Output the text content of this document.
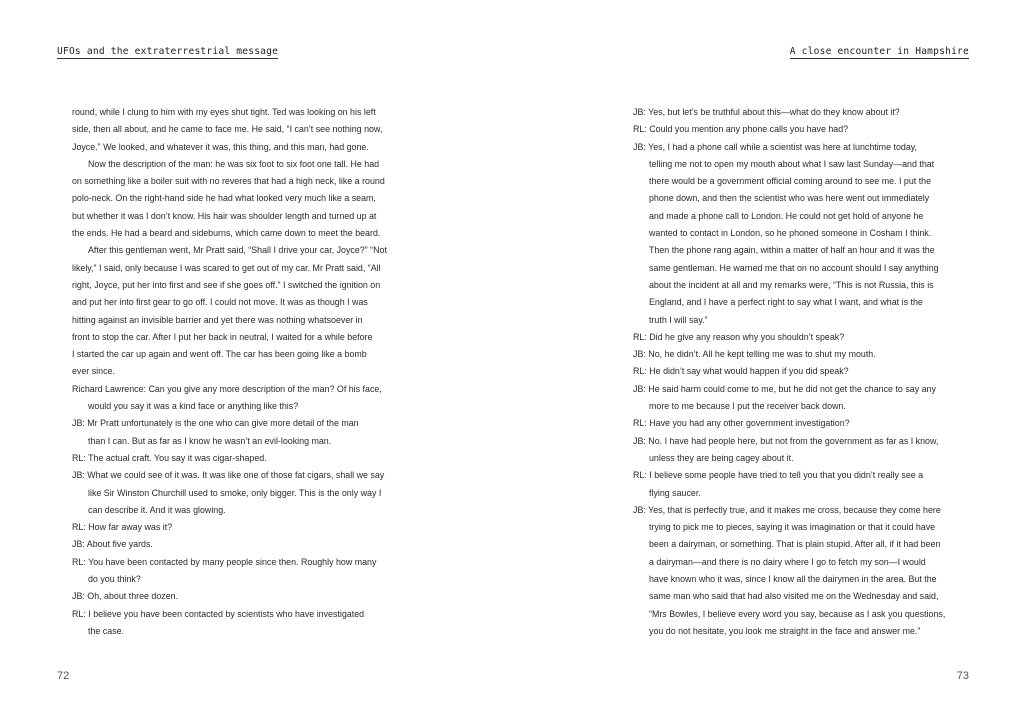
UFOs and the extraterrestrial message
round, while I clung to him with my eyes shut tight. Ted was looking on his left
side, then all about, and he came to face me. He said, “I can’t see nothing now,
Joyce.” We looked, and whatever it was, this thing, and this man, had gone.
Now the description of the man: he was six foot to six foot one tall. He had
on something like a boiler suit with no reveres that had a high neck, like a round
polo-neck. On the right-hand side he had what looked very much like a seam,
but whether it was I don’t know. His hair was shoulder length and turned up at
the ends. He had a beard and sideburns, which came down to meet the beard.
After this gentleman went, Mr Pratt said, “Shall I drive your car, Joyce?” “Not
likely,” I said, only because I was scared to get out of my car. Mr Pratt said, “All
right, Joyce, put her into first and see if she goes off.” I switched the ignition on
and put her into first gear to go off. I could not move. It was as though I was
hitting against an invisible barrier and yet there was nothing whatsoever in
front to stop the car. After I put her back in neutral, I waited for a while before
I started the car up again and went off. The car has been going like a bomb
ever since.
Richard Lawrence: Can you give any more description of the man? Of his face,
would you say it was a kind face or anything like this?
JB: Mr Pratt unfortunately is the one who can give more detail of the man
than I can. But as far as I know he wasn’t an evil-looking man.
RL: The actual craft. You say it was cigar-shaped.
JB: What we could see of it was. It was like one of those fat cigars, shall we say
like Sir Winston Churchill used to smoke, only bigger. This is the only way I
can describe it. And it was glowing.
RL: How far away was it?
JB: About five yards.
RL: You have been contacted by many people since then. Roughly how many
do you think?
JB: Oh, about three dozen.
RL: I believe you have been contacted by scientists who have investigated
the case.
72
A close encounter in Hampshire
JB: Yes, but let’s be truthful about this—what do they know about it?
RL: Could you mention any phone calls you have had?
JB: Yes, I had a phone call while a scientist was here at lunchtime today,
telling me not to open my mouth about what I saw last Sunday—and that
there would be a government official coming around to see me. I put the
phone down, and then the scientist who was here went out immediately
and made a phone call to London. He could not get hold of anyone he
wanted to contact in London, so he phoned someone in Cosham I think.
Then the phone rang again, within a matter of half an hour and it was the
same gentleman. He warned me that on no account should I say anything
about the incident at all and my remarks were, “This is not Russia, this is
England, and I have a perfect right to say what I want, and what is the
truth I will say.”
RL: Did he give any reason why you shouldn’t speak?
JB: No, he didn’t. All he kept telling me was to shut my mouth.
RL: He didn’t say what would happen if you did speak?
JB: He said harm could come to me, but he did not get the chance to say any
more to me because I put the receiver back down.
RL: Have you had any other government investigation?
JB: No. I have had people here, but not from the government as far as I know,
unless they are being cagey about it.
RL: I believe some people have tried to tell you that you didn’t really see a
flying saucer.
JB: Yes, that is perfectly true, and it makes me cross, because they come here
trying to pick me to pieces, saying it was imagination or that it could have
been a dairyman, or something. That is plain stupid. After all, if it had been
a dairyman—and there is no dairy where I go to fetch my son—I would
have known who it was, since I know all the dairymen in the area. But the
same man who said that had also visited me on the Wednesday and said,
“Mrs Bowles, I believe every word you say, because as I ask you questions,
you do not hesitate, you look me straight in the face and answer me.”
73
